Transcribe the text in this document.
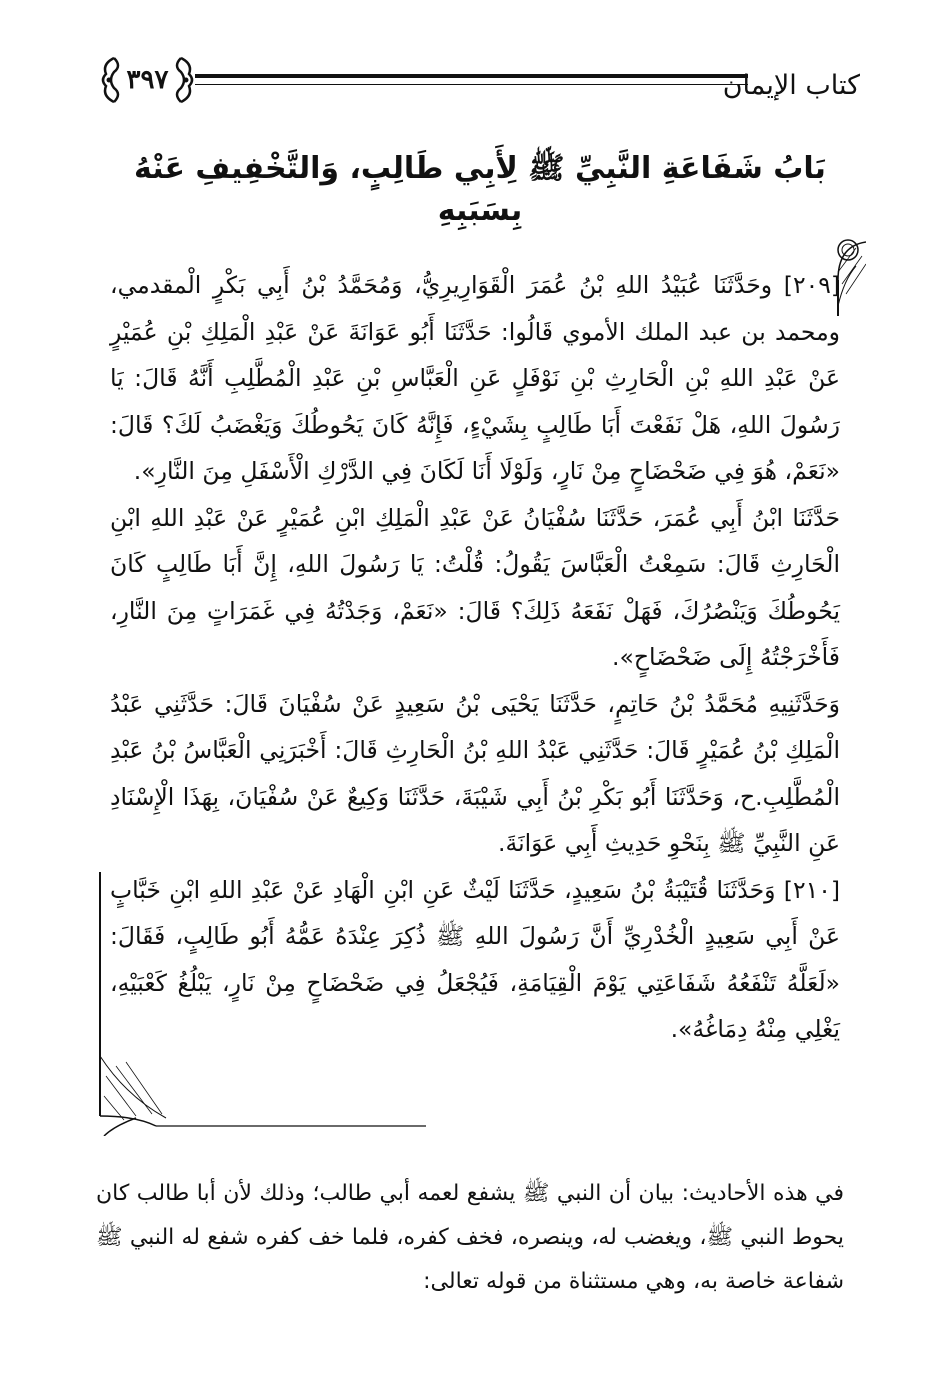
٣٩٧	كتاب الإيمان
بَابُ شَفَاعَةِ النَّبِيِّ ﷺ لِأَبِي طَالِبٍ، وَالتَّخْفِيفِ عَنْهُ بِسَبَبِهِ

[٢٠٩] وحَدَّثَنَا عُبَيْدُ اللهِ بْنُ عُمَرَ الْقَوَارِيرِيُّ، وَمُحَمَّدُ بْنُ أَبِي بَكْرٍ الْمقدمي، ومحمد بن عبد الملك الأموي قَالُوا: حَدَّثَنَا أَبُو عَوَانَةَ عَنْ عَبْدِ الْمَلِكِ بْنِ عُمَيْرٍ عَنْ عَبْدِ اللهِ بْنِ الْحَارِثِ بْنِ نَوْفَلٍ عَنِ الْعَبَّاسِ بْنِ عَبْدِ الْمُطَّلِبِ أَنَّهُ قَالَ: يَا رَسُولَ اللهِ، هَلْ نَفَعْتَ أَبَا طَالِبٍ بِشَيْءٍ، فَإِنَّهُ كَانَ يَحُوطُكَ وَيَغْضَبُ لَكَ؟ قَالَ: «نَعَمْ، هُوَ فِي ضَحْضَاحٍ مِنْ نَارٍ، وَلَوْلَا أَنَا لَكَانَ فِي الدَّرْكِ الْأَسْفَلِ مِنَ النَّارِ».

حَدَّثَنَا ابْنُ أَبِي عُمَرَ، حَدَّثَنَا سُفْيَانُ عَنْ عَبْدِ الْمَلِكِ ابْنِ عُمَيْرٍ عَنْ عَبْدِ اللهِ ابْنِ الْحَارِثِ قَالَ: سَمِعْتُ الْعَبَّاسَ يَقُولُ: قُلْتُ: يَا رَسُولَ اللهِ، إِنَّ أَبَا طَالِبٍ كَانَ يَحُوطُكَ وَيَنْصُرُكَ، فَهَلْ نَفَعَهُ ذَلِكَ؟ قَالَ: «نَعَمْ، وَجَدْتُهُ فِي غَمَرَاتٍ مِنَ النَّارِ، فَأَخْرَجْتُهُ إِلَى ضَحْضَاحٍ».

وَحَدَّثَنِيهِ مُحَمَّدُ بْنُ حَاتِمٍ، حَدَّثَنَا يَحْيَى بْنُ سَعِيدٍ عَنْ سُفْيَانَ قَالَ: حَدَّثَنِي عَبْدُ الْمَلِكِ بْنُ عُمَيْرٍ قَالَ: حَدَّثَنِي عَبْدُ اللهِ بْنُ الْحَارِثِ قَالَ: أَخْبَرَنِي الْعَبَّاسُ بْنُ عَبْدِ الْمُطَّلِبِ.ح، وَحَدَّثَنَا أَبُو بَكْرِ بْنُ أَبِي شَيْبَةَ، حَدَّثَنَا وَكِيعٌ عَنْ سُفْيَانَ، بِهَذَا الْإِسْنَادِ عَنِ النَّبِيِّ ﷺ بِنَحْوِ حَدِيثِ أَبِي عَوَانَةَ.

[٢١٠] وَحَدَّثَنَا قُتَيْبَةُ بْنُ سَعِيدٍ، حَدَّثَنَا لَيْثٌ عَنِ ابْنِ الْهَادِ عَنْ عَبْدِ اللهِ ابْنِ خَبَّابٍ عَنْ أَبِي سَعِيدٍ الْخُدْرِيِّ أَنَّ رَسُولَ اللهِ ﷺ ذُكِرَ عِنْدَهُ عَمُّهُ أَبُو طَالِبٍ، فَقَالَ: «لَعَلَّهُ تَنْفَعُهُ شَفَاعَتِي يَوْمَ الْقِيَامَةِ، فَيُجْعَلُ فِي ضَحْضَاحٍ مِنْ نَارٍ، يَبْلُغُ كَعْبَيْهِ، يَغْلِي مِنْهُ دِمَاغُهُ».

في هذه الأحاديث: بيان أن النبي ﷺ يشفع لعمه أبي طالب؛ وذلك لأن أبا طالب كان يحوط النبي ﷺ، ويغضب له، وينصره، فخف كفره، فلما خف كفره شفع له النبي ﷺ شفاعة خاصة به، وهي مستثناة من قوله تعالى:
